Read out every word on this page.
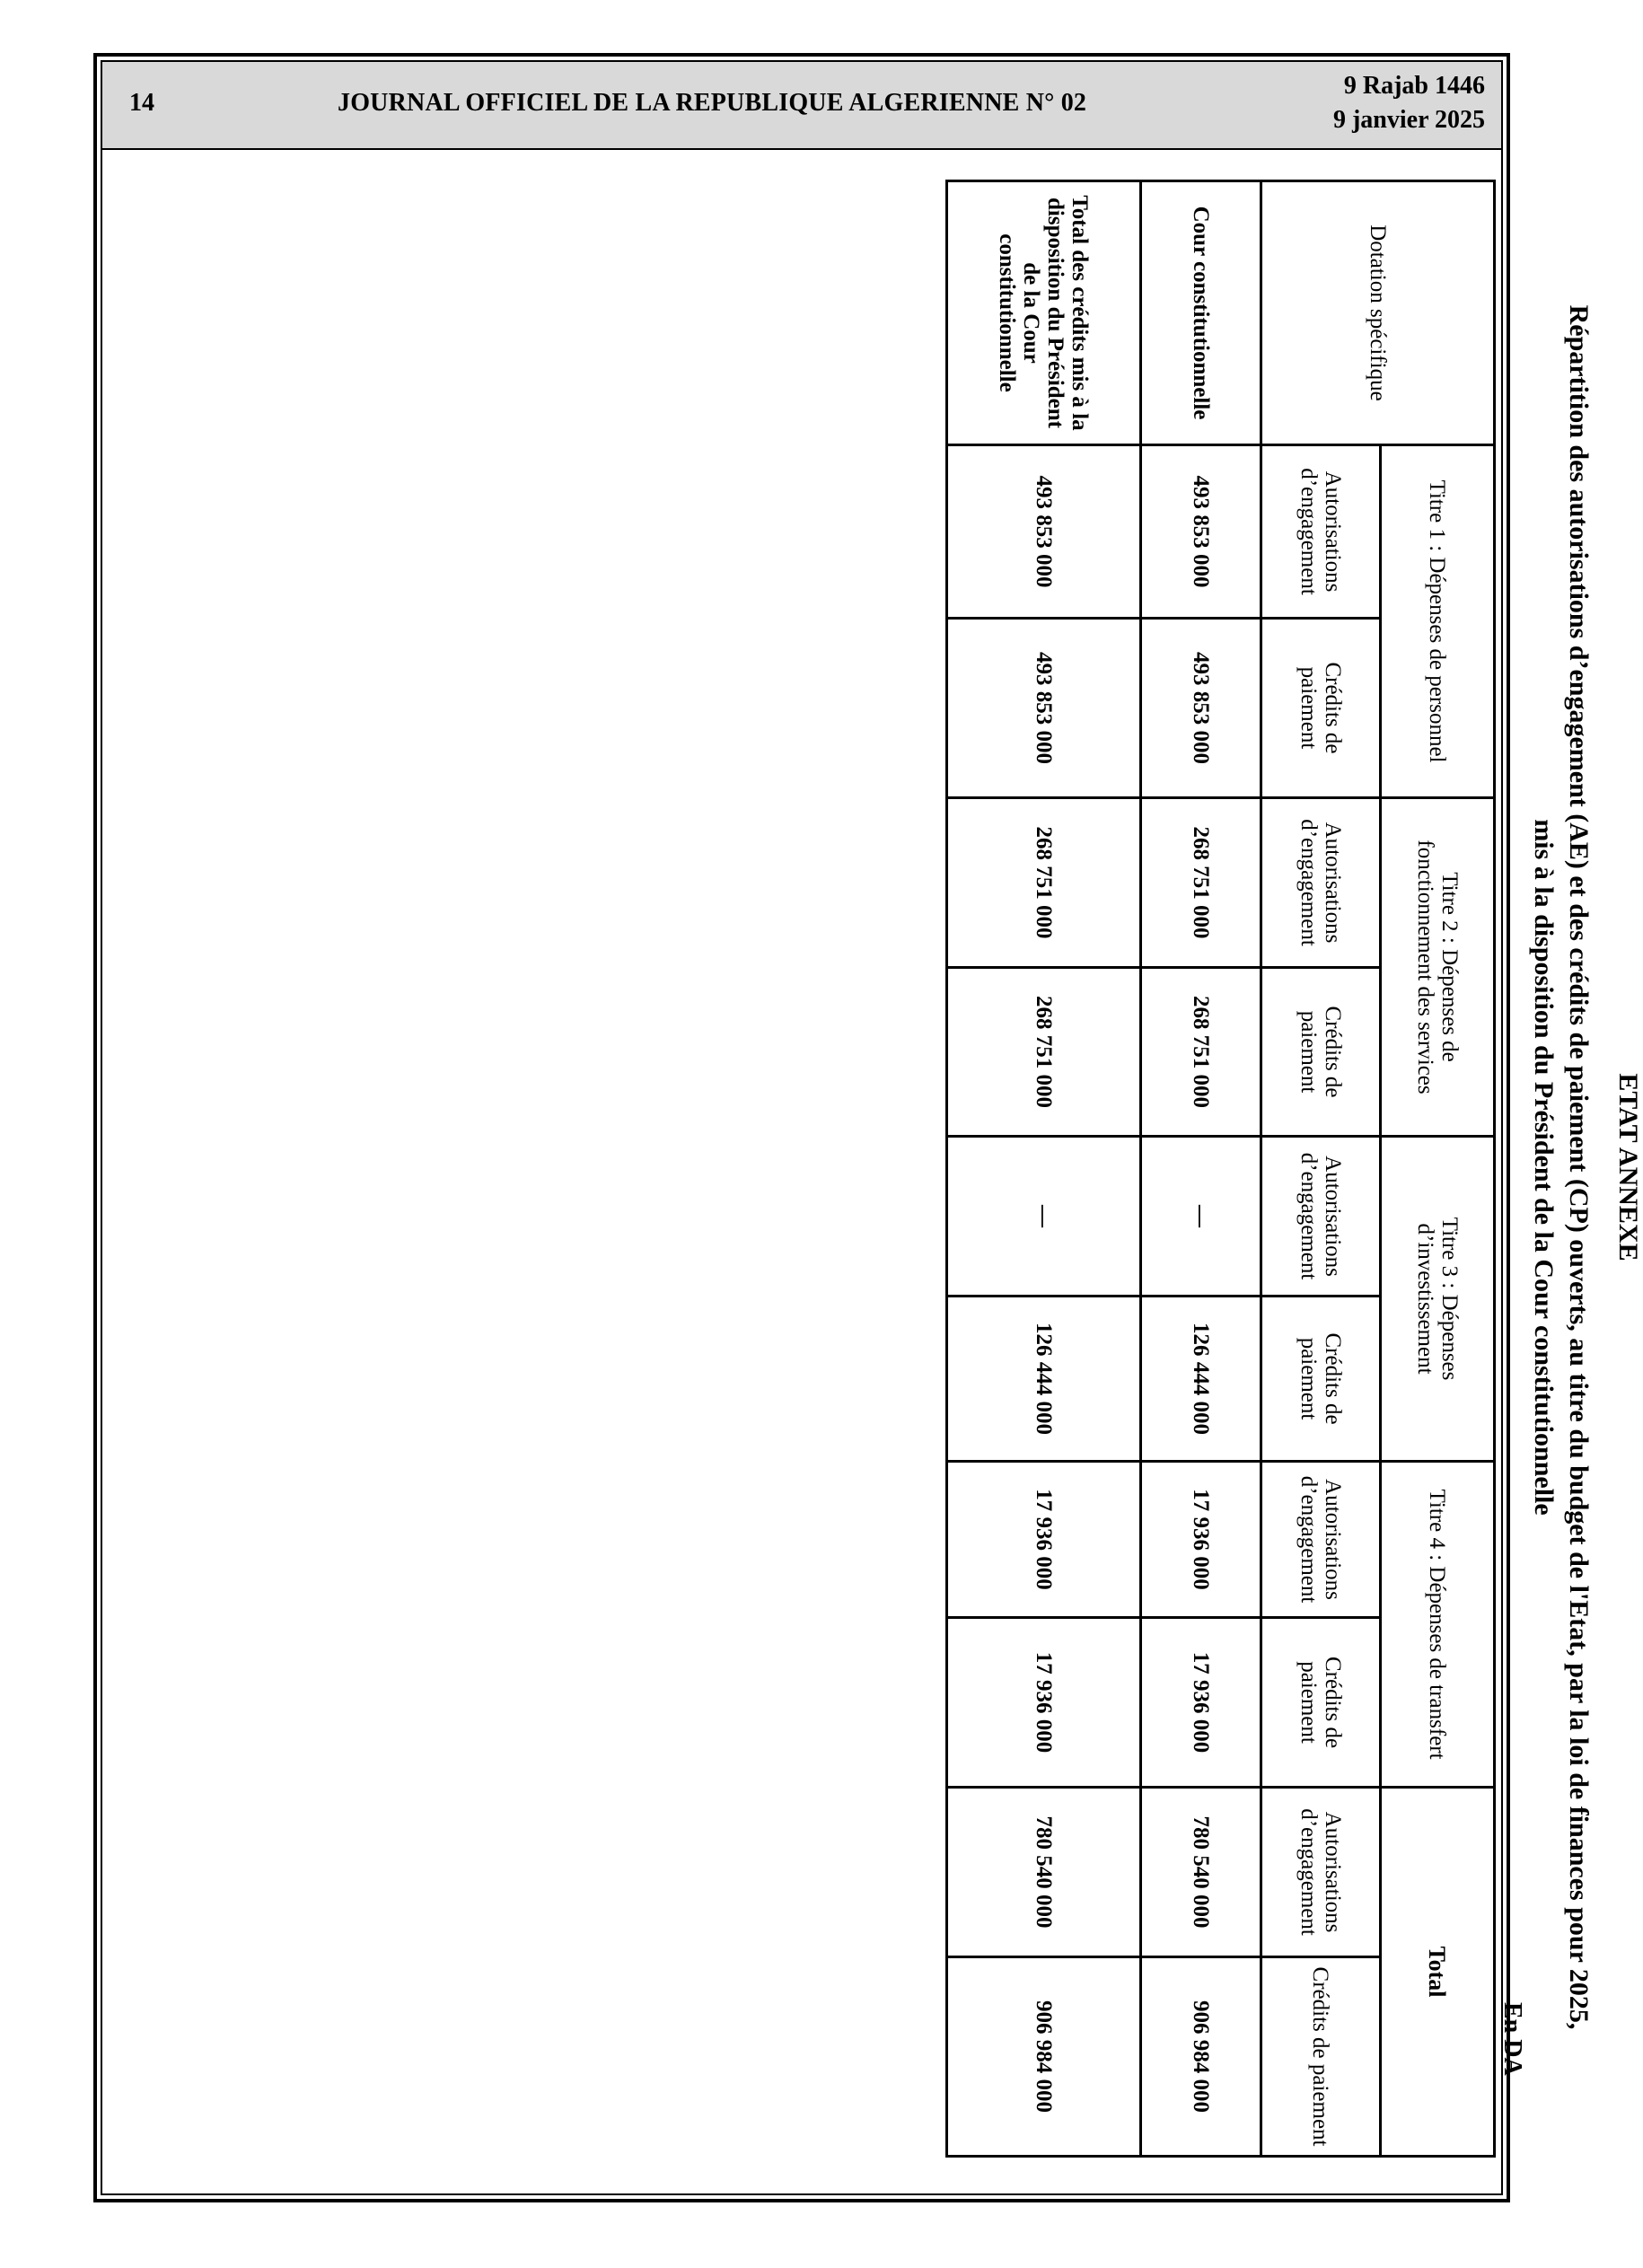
14	JOURNAL OFFICIEL DE LA REPUBLIQUE ALGERIENNE N° 02
9 Rajab 1446
9 janvier 2025
ETAT ANNEXE
Répartition des autorisations d’engagement (AE) et des crédits de paiement (CP) ouverts, au titre du budget de l'Etat, par la loi de finances pour 2025,
mis à la disposition du Président de la Cour constitutionnelle
En DA
Dotation spécifique	Titre 1 : Dépenses de personnel		Titre 2 : Dépenses de fonctionnement des services		Titre 3 : Dépenses d’investissement		Titre 4 : Dépenses de transfert		Total	
	Autorisations d’engagement	Crédits de paiement	Autorisations d’engagement	Crédits de paiement	Autorisations d’engagement	Crédits de paiement	Autorisations d’engagement	Crédits de paiement	Autorisations d’engagement	Crédits de paiement
Cour constitutionnelle	493 853 000	493 853 000	268 751 000	268 751 000	—	126 444 000	17 936 000	17 936 000	780 540 000	906 984 000
Total des crédits mis à la disposition du Président de la Cour constitutionnelle	493 853 000	493 853 000	268 751 000	268 751 000	—	126 444 000	17 936 000	17 936 000	780 540 000	906 984 000
